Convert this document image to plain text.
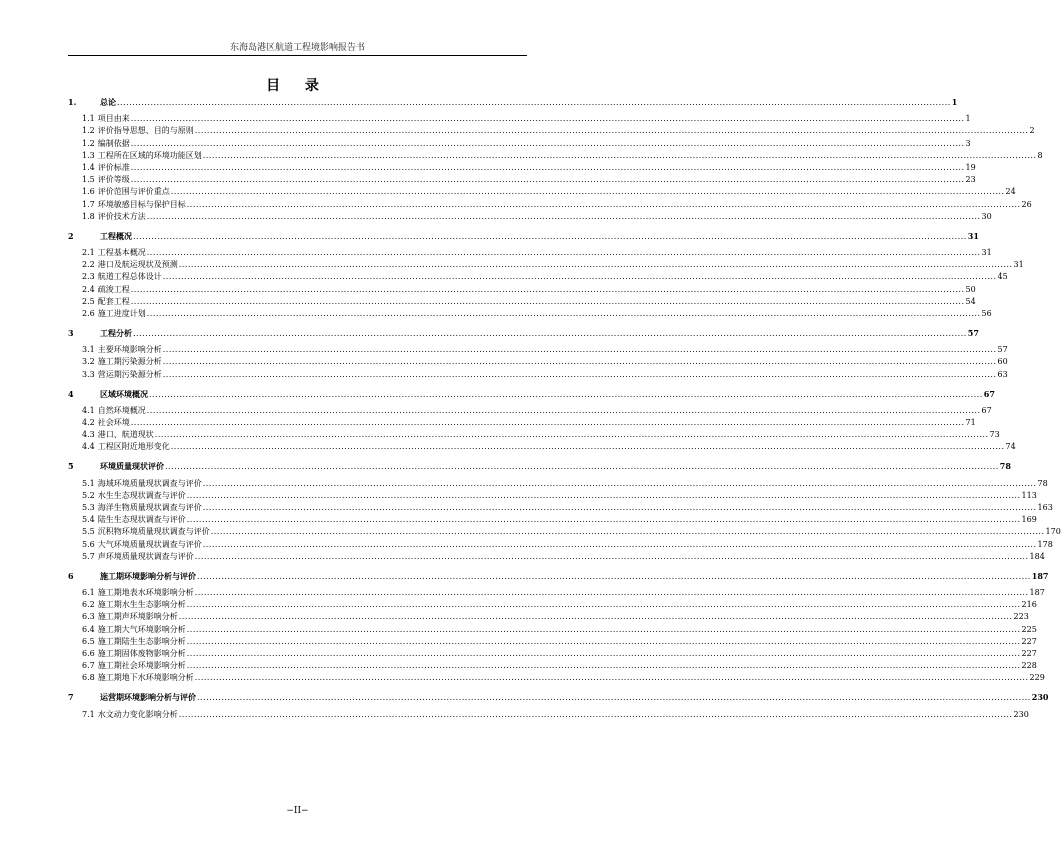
东海岛港区航道工程境影响报告书
目 录
1.	总论 .................................................................................................................................................................................................................................................................................. 1
1.1 项目由来 .................................................................................................................................................................................................................................................................................. 1
1.2 评价指导思想、目的与原则 .................................................................................................................................................................................................................................................................................. 2
1.2 编制依据 .................................................................................................................................................................................................................................................................................. 3
1.3 工程所在区域的环境功能区划 .................................................................................................................................................................................................................................................................................. 8
1.4 评价标准 .................................................................................................................................................................................................................................................................................. 19
1.5 评价等级 .................................................................................................................................................................................................................................................................................. 23
1.6 评价范围与评价重点 .................................................................................................................................................................................................................................................................................. 24
1.7 环境敏感目标与保护目标 .................................................................................................................................................................................................................................................................................. 26
1.8 评价技术方法 .................................................................................................................................................................................................................................................................................. 30
2	工程概况 .................................................................................................................................................................................................................................................................................. 31
2.1 工程基本概况 .................................................................................................................................................................................................................................................................................. 31
2.2 港口及航运现状及预测 .................................................................................................................................................................................................................................................................................. 31
2.3 航道工程总体设计 .................................................................................................................................................................................................................................................................................. 45
2.4 疏浚工程 .................................................................................................................................................................................................................................................................................. 50
2.5 配套工程 .................................................................................................................................................................................................................................................................................. 54
2.6 施工进度计划 .................................................................................................................................................................................................................................................................................. 56
3	工程分析 .................................................................................................................................................................................................................................................................................. 57
3.1 主要环境影响分析 .................................................................................................................................................................................................................................................................................. 57
3.2 施工期污染源分析 .................................................................................................................................................................................................................................................................................. 60
3.3 营运期污染源分析 .................................................................................................................................................................................................................................................................................. 63
4	区域环境概况 .................................................................................................................................................................................................................................................................................. 67
4.1 自然环境概况 .................................................................................................................................................................................................................................................................................. 67
4.2 社会环境 .................................................................................................................................................................................................................................................................................. 71
4.3 港口、航道现状 .................................................................................................................................................................................................................................................................................. 73
4.4 工程区附近地形变化 .................................................................................................................................................................................................................................................................................. 74
5	环境质量现状评价 .................................................................................................................................................................................................................................................................................. 78
5.1 海域环境质量现状调查与评价 .................................................................................................................................................................................................................................................................................. 78
5.2 水生生态现状调查与评价 .................................................................................................................................................................................................................................................................................. 113
5.3 海洋生物质量现状调查与评价 .................................................................................................................................................................................................................................................................................. 163
5.4 陆生生态现状调查与评价 .................................................................................................................................................................................................................................................................................. 169
5.5 沉积物环境质量现状调查与评价 .................................................................................................................................................................................................................................................................................. 170
5.6 大气环境质量现状调查与评价 .................................................................................................................................................................................................................................................................................. 178
5.7 声环境质量现状调查与评价 .................................................................................................................................................................................................................................................................................. 184
6	施工期环境影响分析与评价 .................................................................................................................................................................................................................................................................................. 187
6.1 施工期地表水环境影响分析 .................................................................................................................................................................................................................................................................................. 187
6.2 施工期水生生态影响分析 .................................................................................................................................................................................................................................................................................. 216
6.3 施工期声环境影响分析 .................................................................................................................................................................................................................................................................................. 223
6.4 施工期大气环境影响分析 .................................................................................................................................................................................................................................................................................. 225
6.5 施工期陆生生态影响分析 .................................................................................................................................................................................................................................................................................. 227
6.6 施工期固体废物影响分析 .................................................................................................................................................................................................................................................................................. 227
6.7 施工期社会环境影响分析 .................................................................................................................................................................................................................................................................................. 228
6.8 施工期地下水环境影响分析 .................................................................................................................................................................................................................................................................................. 229
7	运营期环境影响分析与评价 .................................................................................................................................................................................................................................................................................. 230
7.1 水文动力变化影响分析 .................................................................................................................................................................................................................................................................................. 230
−II−
